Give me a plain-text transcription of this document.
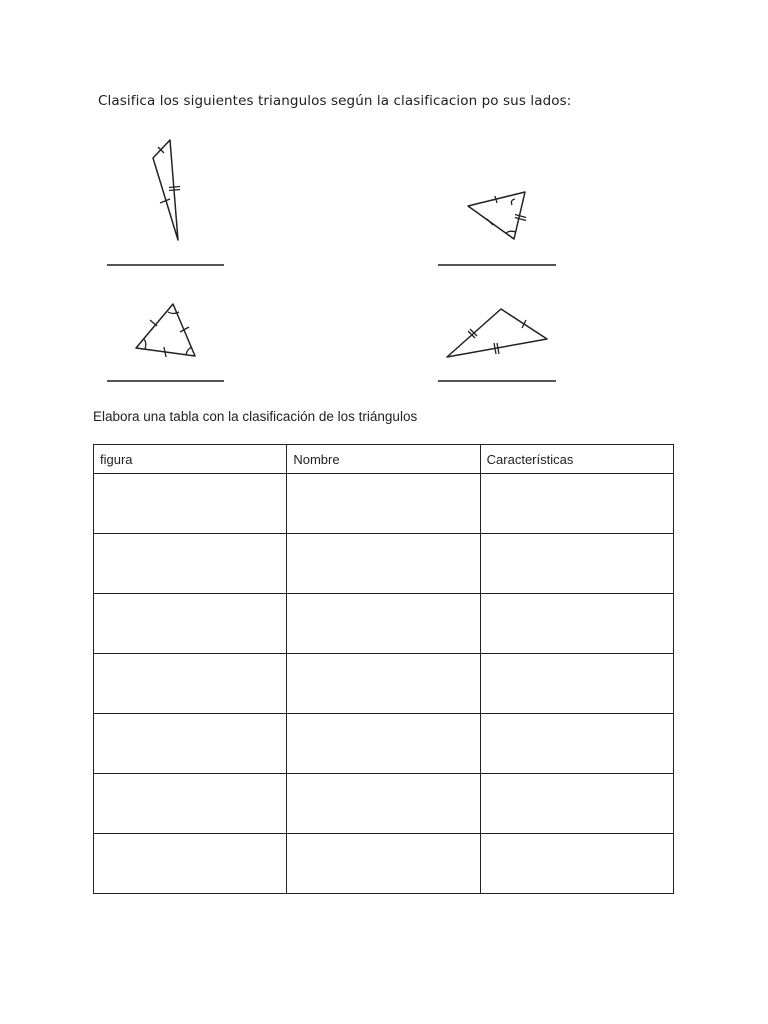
Clasifica los siguientes triangulos según la clasificacion po sus lados:
Elabora una tabla con la clasificación de los triángulos
figura	Nombre	Características
